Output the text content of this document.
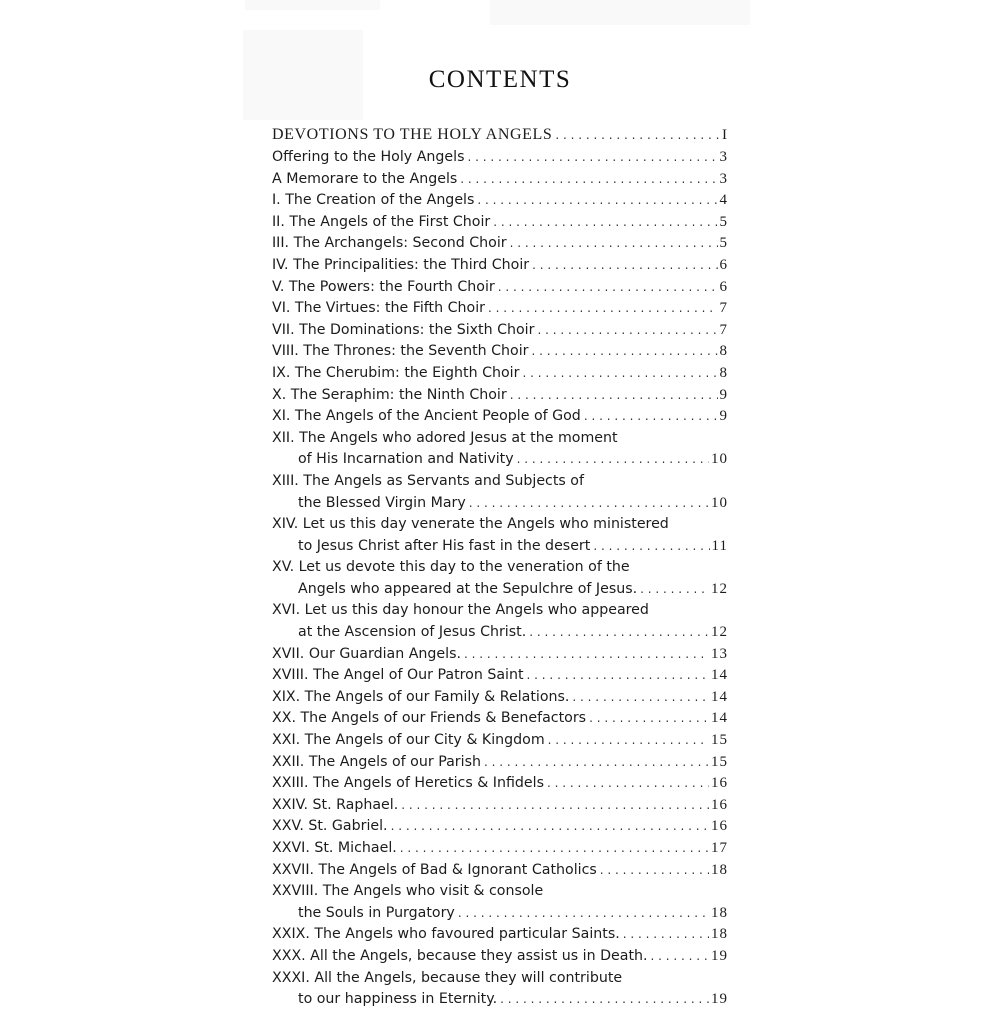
CONTENTS
DEVOTIONS TO THE HOLY ANGELS . . .	I
Offering to the Holy Angels . . .	3
A Memorare to the Angels . . .	3
I. The Creation of the Angels . . .	4
II. The Angels of the First Choir . . .	5
III. The Archangels: Second Choir . . .	5
IV. The Principalities: the Third Choir . . .	6
V. The Powers: the Fourth Choir . . .	6
VI. The Virtues: the Fifth Choir . . .	7
VII. The Dominations: the Sixth Choir . . .	7
VIII. The Thrones: the Seventh Choir . . .	8
IX. The Cherubim: the Eighth Choir . . .	8
X. The Seraphim: the Ninth Choir . . .	9
XI. The Angels of the Ancient People of God . . .	9
XII. The Angels who adored Jesus at the moment
of His Incarnation and Nativity . . .	10
XIII. The Angels as Servants and Subjects of
the Blessed Virgin Mary . . .	10
XIV. Let us this day venerate the Angels who ministered
to Jesus Christ after His fast in the desert . . .	11
XV. Let us devote this day to the veneration of the
Angels who appeared at the Sepulchre of Jesus. . . .	12
XVI. Let us this day honour the Angels who appeared
at the Ascension of Jesus Christ. . . .	12
XVII. Our Guardian Angels. . . .	13
XVIII. The Angel of Our Patron Saint . . .	14
XIX. The Angels of our Family & Relations. . . .	14
XX. The Angels of our Friends & Benefactors . . .	14
XXI. The Angels of our City & Kingdom . . .	15
XXII. The Angels of our Parish . . .	15
XXIII. The Angels of Heretics & Infidels . . .	16
XXIV. St. Raphael. . . .	16
XXV. St. Gabriel. . . .	16
XXVI. St. Michael. . . .	17
XXVII. The Angels of Bad & Ignorant Catholics . . .	18
XXVIII. The Angels who visit & console
the Souls in Purgatory . . .	18
XXIX. The Angels who favoured particular Saints. . . .	18
XXX. All the Angels, because they assist us in Death. . . .	19
XXXI. All the Angels, because they will contribute
to our happiness in Eternity. . . .	19
